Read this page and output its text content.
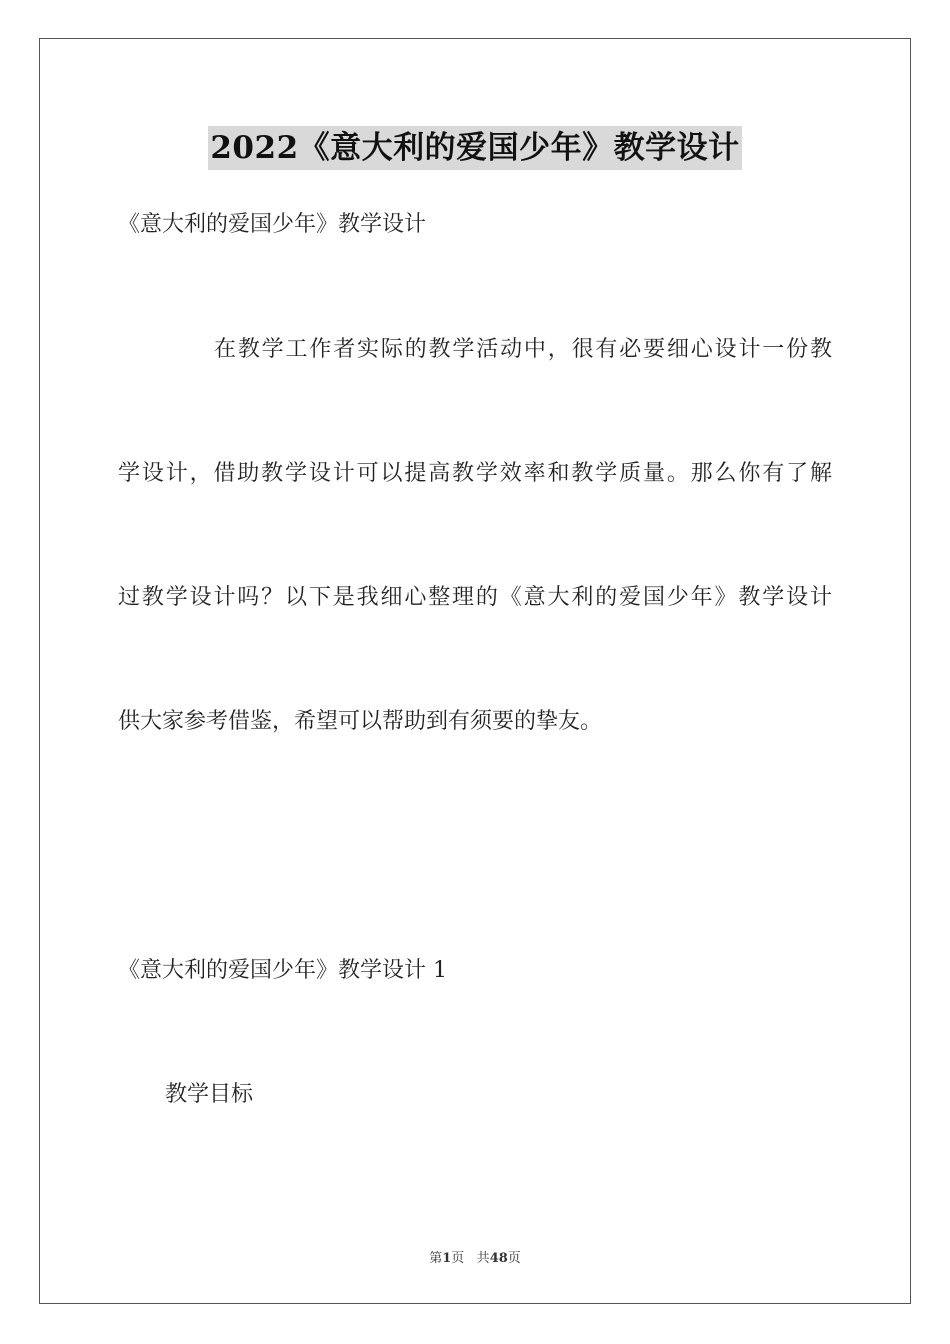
2022《意大利的爱国少年》教学设计
《意大利的爱国少年》教学设计
在教学工作者实际的教学活动中，很有必要细心设计一份教
学设计，借助教学设计可以提高教学效率和教学质量。那么你有了解
过教学设计吗？以下是我细心整理的《意大利的爱国少年》教学设计
供大家参考借鉴，希望可以帮助到有须要的挚友。
《意大利的爱国少年》教学设计 1
教学目标
第1页 共48页
